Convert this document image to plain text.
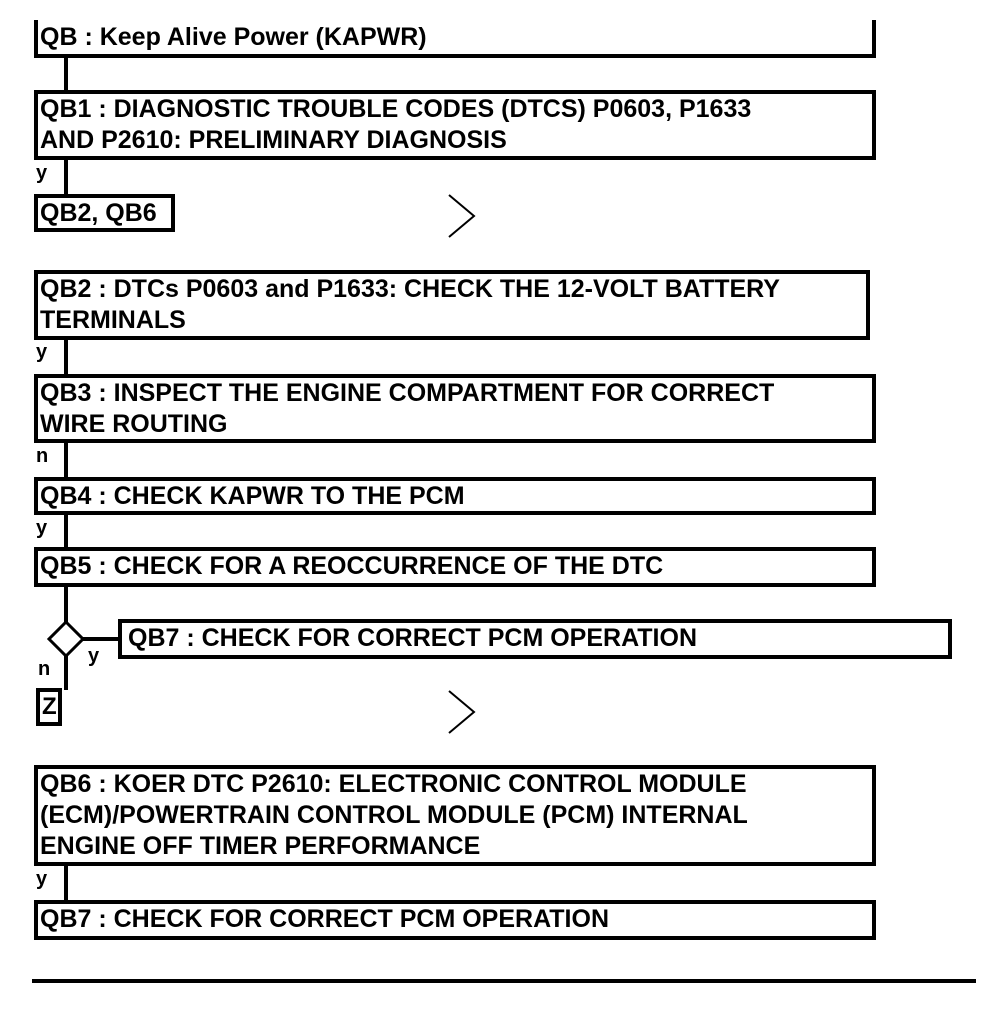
QB : Keep Alive Power (KAPWR)
QB1 : DIAGNOSTIC TROUBLE CODES (DTCS) P0603, P1633
AND P2610: PRELIMINARY DIAGNOSIS
QB2, QB6
QB2 : DTCs P0603 and P1633: CHECK THE 12-VOLT BATTERY
TERMINALS
QB3 : INSPECT THE ENGINE COMPARTMENT FOR CORRECT
WIRE ROUTING
QB4 : CHECK KAPWR TO THE PCM
QB5 : CHECK FOR A REOCCURRENCE OF THE DTC
QB7 : CHECK FOR CORRECT PCM OPERATION
Z
QB6 : KOER DTC P2610: ELECTRONIC CONTROL MODULE
(ECM)/POWERTRAIN CONTROL MODULE (PCM) INTERNAL
ENGINE OFF TIMER PERFORMANCE
QB7 : CHECK FOR CORRECT PCM OPERATION
y
y
n
y
y
n
y
